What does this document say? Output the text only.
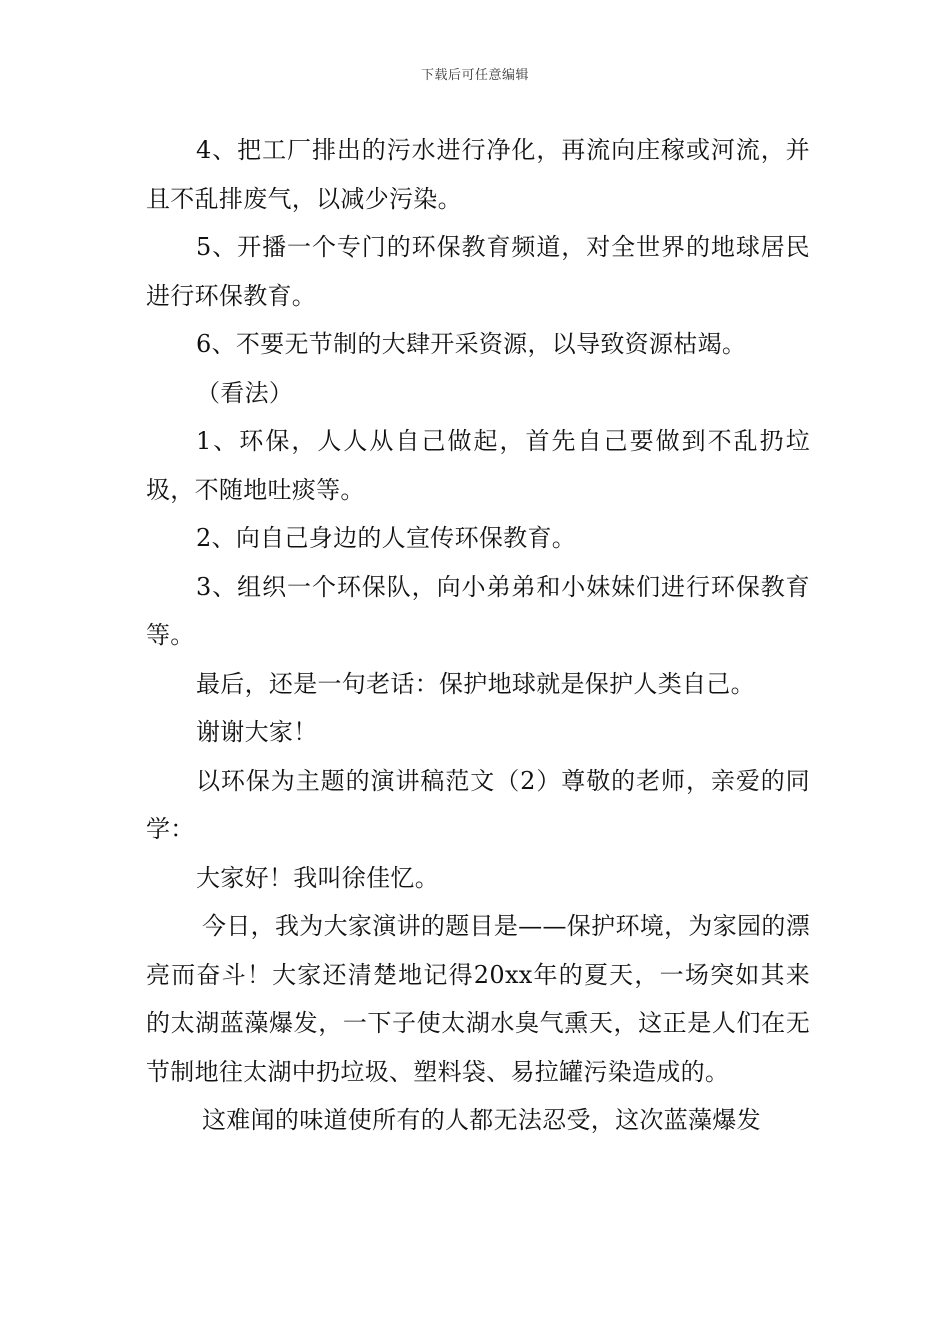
下载后可任意编辑

4、把工厂排出的污水进行净化，再流向庄稼或河流，并且不乱排废气，以减少污染。

5、开播一个专门的环保教育频道，对全世界的地球居民进行环保教育。

6、不要无节制的大肆开采资源，以导致资源枯竭。

（看法）

1、环保，人人从自己做起，首先自己要做到不乱扔垃圾，不随地吐痰等。

2、向自己身边的人宣传环保教育。

3、组织一个环保队，向小弟弟和小妹妹们进行环保教育等。

最后，还是一句老话：保护地球就是保护人类自己。

谢谢大家！

以环保为主题的演讲稿范文（2）尊敬的老师，亲爱的同学：

大家好！我叫徐佳忆。

今日，我为大家演讲的题目是——保护环境，为家园的漂亮而奋斗！大家还清楚地记得20xx年的夏天，一场突如其来的太湖蓝藻爆发，一下子使太湖水臭气熏天，这正是人们在无节制地往太湖中扔垃圾、塑料袋、易拉罐污染造成的。

这难闻的味道使所有的人都无法忍受，这次蓝藻爆发
